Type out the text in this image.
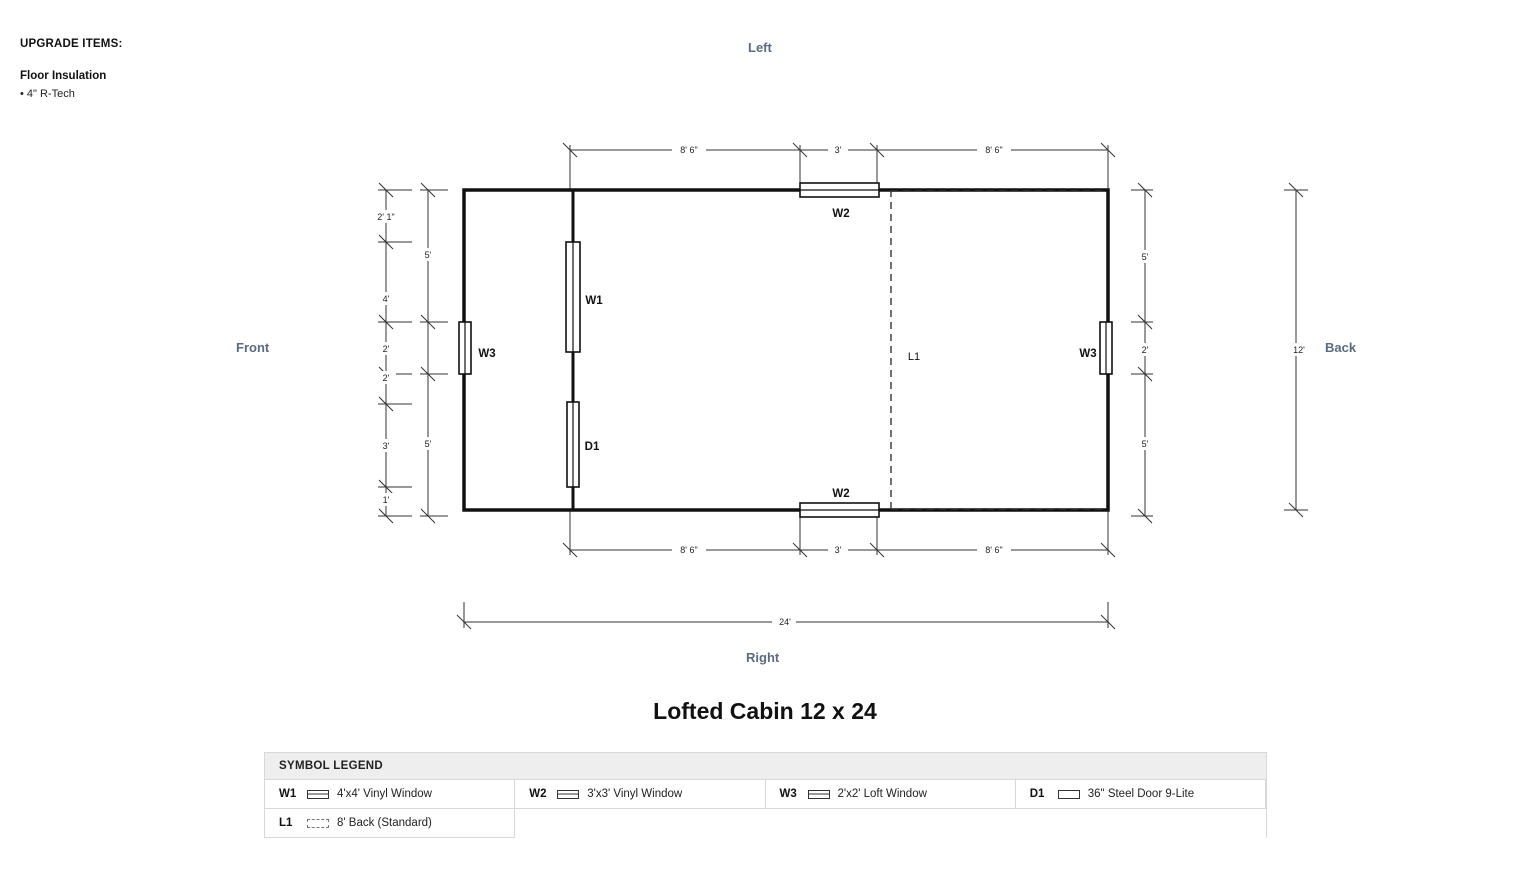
UPGRADE ITEMS:
Floor Insulation
• 4" R-Tech
Left
Front	Back
Right
8' 6"	3'	8' 6"
8' 6"	3'	8' 6"
24'
12'
2' 1"
4'
2'
2'
3'
1'
5'
5'
5'
2'
5'
W2
W2
W1
D1
W3	W3
L1
Lofted Cabin 12 x 24
SYMBOL LEGEND
W1	4'x4' Vinyl Window	W2	3'x3' Vinyl Window	W3	2'x2' Loft Window	D1	36" Steel Door 9-Lite
L1	8' Back (Standard)
